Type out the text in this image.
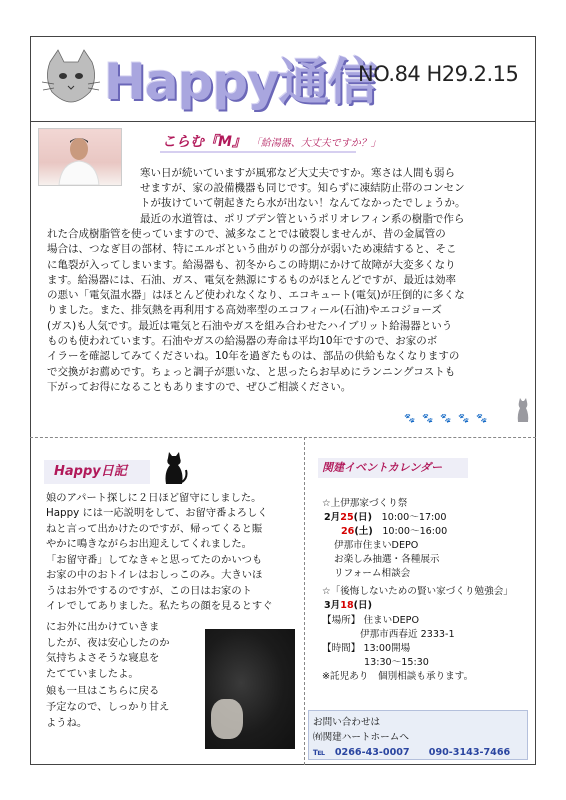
Happy通信
NO.84 H29.2.15
こらむ『M』 「給湯器、大丈夫ですか？」
寒い日が続いていますが風邪など大丈夫ですか。寒さは人間も弱ら
せますが、家の設備機器も同じです。知らずに凍結防止帯のコンセン
トが抜けていて朝起きたら水が出ない！なんてなかったでしょうか。
最近の水道管は、ポリブデン管というポリオレフィン系の樹脂で作ら
れた合成樹脂管を使っていますので、滅多なことでは破裂しませんが、昔の金属管の
場合は、つなぎ目の部材、特にエルボという曲がりの部分が弱いため凍結すると、そこ
に亀裂が入ってしまいます。給湯器も、初冬からこの時期にかけて故障が大変多くなり
ます。給湯器には、石油、ガス、電気を熱源にするものがほとんどですが、最近は効率
の悪い「電気温水器」はほとんど使われなくなり、エコキュート(電気)が圧倒的に多くな
りました。また、排気熱を再利用する高効率型のエコフィール(石油)やエコジョーズ
(ガス)も人気です。最近は電気と石油やガスを組み合わせたハイブリット給湯器という
ものも使われています。石油やガスの給湯器の寿命は平均10年ですので、お家のボ
イラーを確認してみてくださいね。10年を過ぎたものは、部品の供給もなくなりますの
で交換がお薦めです。ちょっと調子が悪いな、と思ったらお早めにランニングコストも
下がってお得になることもありますので、ぜひご相談ください。
🐾 🐾 🐾 🐾 🐾
Happy日記
娘のアパート探しに２日ほど留守にしました。
Happy には一応説明をして、お留守番よろしく
ねと言って出かけたのですが、帰ってくると賑
やかに鳴きながらお出迎えしてくれました。
「お留守番」してなきゃと思ってたのかいつも
お家の中のおトイレはおしっこのみ。大きいほ
うはお外でするのですが、この日はお家のト
イレでしてありました。私たちの顔を見るとすぐ
にお外に出かけていきま
したが、夜は安心したのか
気持ちよさそうな寝息を
たてていましたよ。
娘も一旦はこちらに戻る
予定なので、しっかり甘え
ようね。
関建イベントカレンダー
☆上伊那家づくり祭
2月25(日)　10:00～17:00
26(土)　10:00～16:00
伊那市住まいDEPO
お楽しみ抽選・各種展示
リフォーム相談会
☆「後悔しないための賢い家づくり勉強会」
3月18(日)
【場所】 住まいDEPO
伊那市西春近 2333-1
【時間】 13:00開場
13:30～15:30
※託児あり　個別相談も承ります。
お問い合わせは
㈲関建ハートホームへ
℡　0266-43-0007　　090-3143-7466
